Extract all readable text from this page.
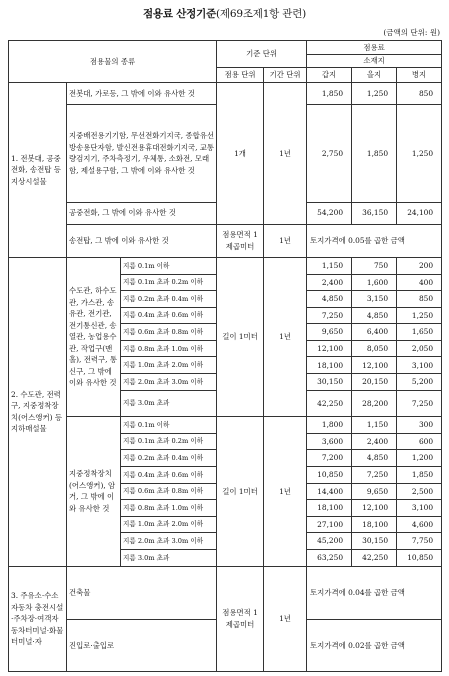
점용료 산정기준(제69조제1항 관련)
(금액의 단위: 원)
점용물의 종류			기준 단위		점용료		
					소재지		
			점용 단위	기간 단위	갑지	을지	병지
1. 전봇대, 공중전화, 송전탑 등 지상시설물	전봇대, 가로등, 그 밖에 이와 유사한 것		1개	1년	1,850	1,250	850
	지중배전용기기함, 무선전화기지국, 종합유선방송용단자함, 발신전용휴대전화기지국, 교통량검지기, 주차측정기, 우체통, 소화전, 모래함, 제설용구함, 그 밖에 이와 유사한 것				2,750	1,850	1,250
	공중전화, 그 밖에 이와 유사한 것				54,200	36,150	24,100
	송전탑, 그 밖에 이와 유사한 것		점용면적 1제곱미터	1년	토지가격에 0.05를 곱한 금액		
2. 수도관, 전력구, 지중정착장치(어스앵커) 등 지하매설물	수도관, 하수도관, 가스관, 송유관, 전기관, 전기통신관, 송열관, 농업용수관, 작업구(맨홀), 전력구, 통신구, 그 밖에 이와 유사한 것	지름 0.1m 이하	길이 1미터	1년	1,150	750	200
		지름 0.1m 초과 0.2m 이하			2,400	1,600	400
		지름 0.2m 초과 0.4m 이하			4,850	3,150	850
		지름 0.4m 초과 0.6m 이하			7,250	4,850	1,250
		지름 0.6m 초과 0.8m 이하			9,650	6,400	1,650
		지름 0.8m 초과 1.0m 이하			12,100	8,050	2,050
		지름 1.0m 초과 2.0m 이하			18,100	12,100	3,100
		지름 2.0m 초과 3.0m 이하			30,150	20,150	5,200
		지름 3.0m 초과			42,250	28,200	7,250
	지중정착장치(어스앵커), 암거, 그 밖에 이와 유사한 것	지름 0.1m 이하	길이 1미터	1년	1,800	1,150	300
		지름 0.1m 초과 0.2m 이하			3,600	2,400	600
		지름 0.2m 초과 0.4m 이하			7,200	4,850	1,200
		지름 0.4m 초과 0.6m 이하			10,850	7,250	1,850
		지름 0.6m 초과 0.8m 이하			14,400	9,650	2,500
		지름 0.8m 초과 1.0m 이하			18,100	12,100	3,100
		지름 1.0m 초과 2.0m 이하			27,100	18,100	4,600
		지름 2.0m 초과 3.0m 이하			45,200	30,150	7,750
		지름 3.0m 초과			63,250	42,250	10,850
3. 주유소·수소자동차 충전시설·주차장·여객자동차터미널·화물터미널·자	건축물		점용면적 1제곱미터	1년	토지가격에 0.04를 곱한 금액		
	진입로·출입로				토지가격에 0.02를 곱한 금액		
